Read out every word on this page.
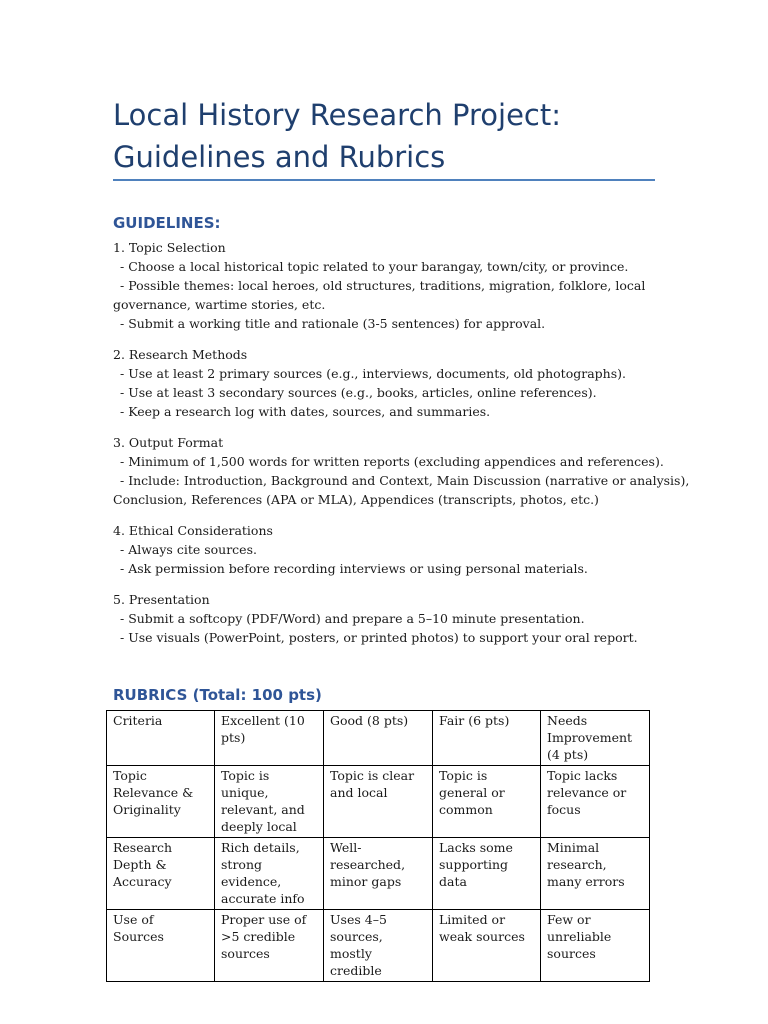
Local History Research Project: Guidelines and Rubrics
GUIDELINES:
1. Topic Selection
- Choose a local historical topic related to your barangay, town/city, or province.
- Possible themes: local heroes, old structures, traditions, migration, folklore, local
governance, wartime stories, etc.
- Submit a working title and rationale (3-5 sentences) for approval.
2. Research Methods
- Use at least 2 primary sources (e.g., interviews, documents, old photographs).
- Use at least 3 secondary sources (e.g., books, articles, online references).
- Keep a research log with dates, sources, and summaries.
3. Output Format
- Minimum of 1,500 words for written reports (excluding appendices and references).
- Include: Introduction, Background and Context, Main Discussion (narrative or analysis),
Conclusion, References (APA or MLA), Appendices (transcripts, photos, etc.)
4. Ethical Considerations
- Always cite sources.
- Ask permission before recording interviews or using personal materials.
5. Presentation
- Submit a softcopy (PDF/Word) and prepare a 5–10 minute presentation.
- Use visuals (PowerPoint, posters, or printed photos) to support your oral report.
RUBRICS (Total: 100 pts)
Criteria	Excellent (10 pts)	Good (8 pts)	Fair (6 pts)	Needs Improvement (4 pts)
Topic Relevance & Originality	Topic is unique, relevant, and deeply local	Topic is clear and local	Topic is general or common	Topic lacks relevance or focus
Research Depth & Accuracy	Rich details, strong evidence, accurate info	Well-researched, minor gaps	Lacks some supporting data	Minimal research, many errors
Use of Sources	Proper use of >5 credible sources	Uses 4–5 sources, mostly credible	Limited or weak sources	Few or unreliable sources
